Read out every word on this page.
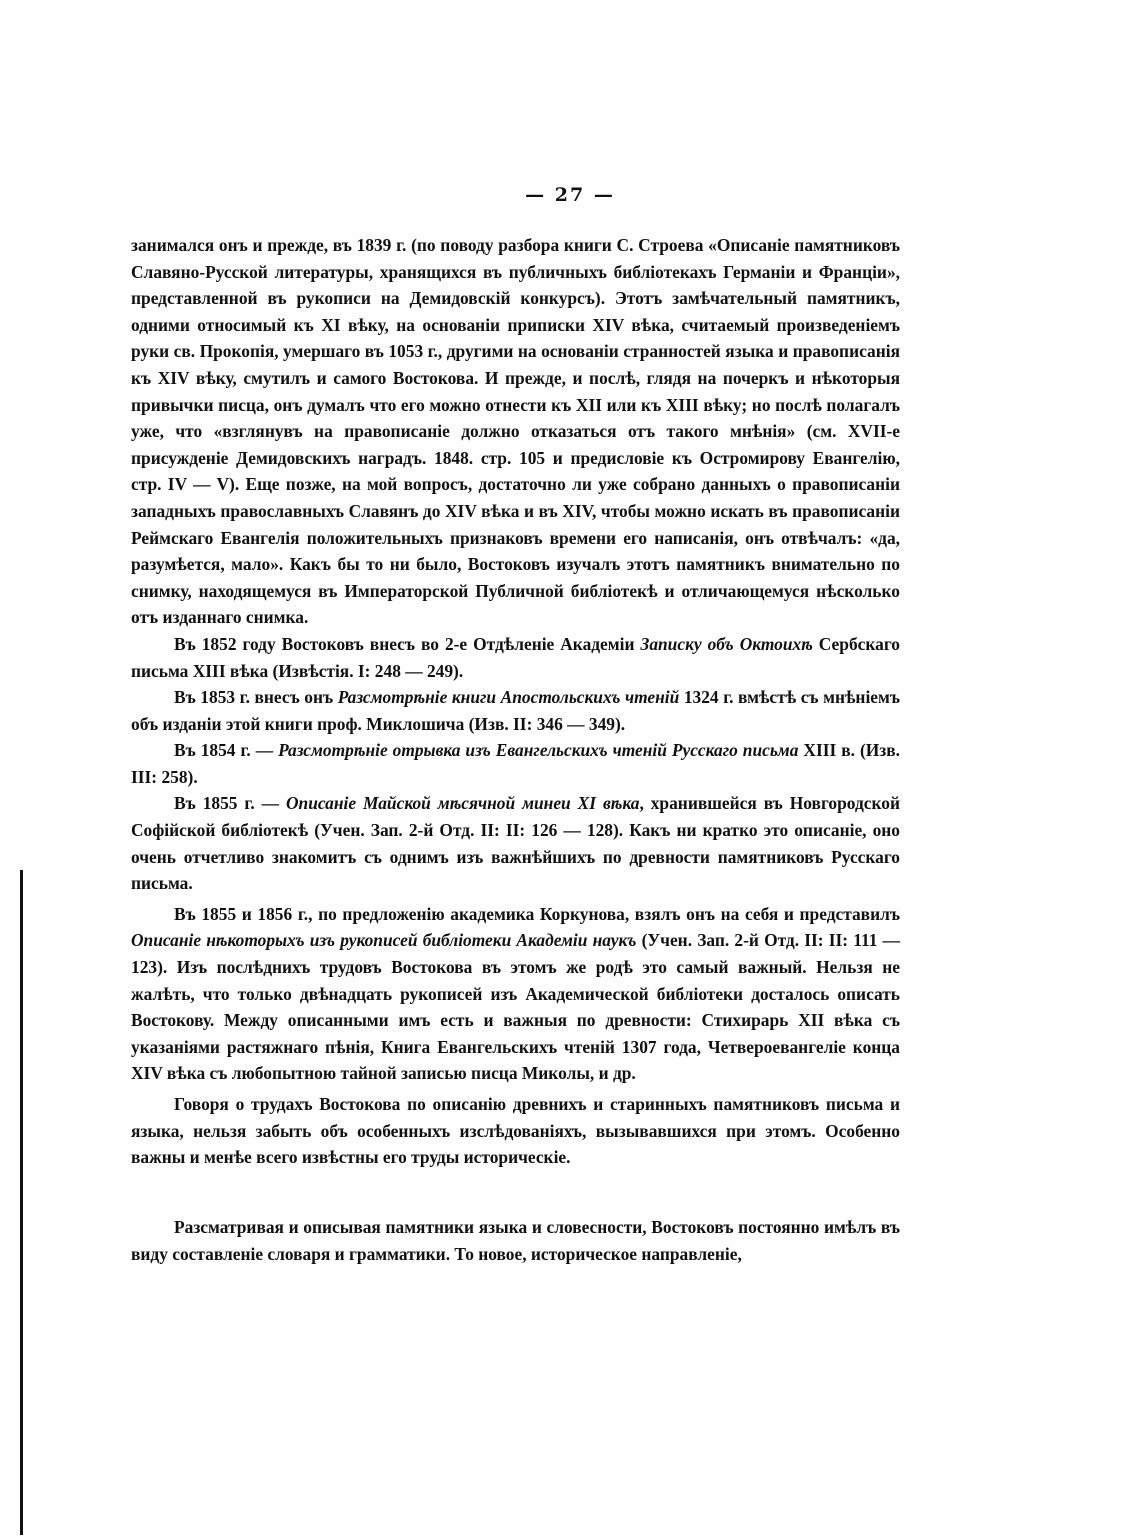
— 27 —

занимался онъ и прежде, въ 1839 г. (по поводу разбора книги С. Строева «Описаніе памятниковъ Славяно-Русской литературы, хранящихся въ публичныхъ библіотекахъ Германіи и Франціи», представленной въ рукописи на Демидовскій конкурсъ). Этотъ замѣчательный памятникъ, одними относимый къ XI вѣку, на основаніи приписки XIV вѣка, считаемый произведеніемъ руки св. Прокопія, умершаго въ 1053 г., другими на основаніи странностей языка и правописанія къ XIV вѣку, смутилъ и самого Востокова. И прежде, и послѣ, глядя на почеркъ и нѣкоторыя привычки писца, онъ думалъ что его можно отнести къ XII или къ XIII вѣку; но послѣ полагалъ уже, что «взглянувъ на правописаніе должно отказаться отъ такого мнѣнія» (см. XVII-е присужденіе Демидовскихъ наградъ. 1848. стр. 105 и предисловіе къ Остромирову Евангелію, стр. IV — V). Еще позже, на мой вопросъ, достаточно ли уже собрано данныхъ о правописаніи западныхъ православныхъ Славянъ до XIV вѣка и въ XIV, чтобы можно искать въ правописаніи Реймскаго Евангелія положительныхъ признаковъ времени его написанія, онъ отвѣчалъ: «да, разумѣется, мало». Какъ бы то ни было, Востоковъ изучалъ этотъ памятникъ внимательно по снимку, находящемуся въ Императорской Публичной библіотекѣ и отличающемуся нѣсколько отъ изданнаго снимка.

Въ 1852 году Востоковъ внесъ во 2-е Отдѣленіе Академіи Записку объ Октоихѣ Сербскаго письма XIII вѣка (Извѣстія. I: 248 — 249).

Въ 1853 г. внесъ онъ Разсмотрѣніе книги Апостольскихъ чтеній 1324 г. вмѣстѣ съ мнѣніемъ объ изданіи этой книги проф. Миклошича (Изв. II: 346 — 349).

Въ 1854 г. — Разсмотрѣніе отрывка изъ Евангельскихъ чтеній Русскаго письма XIII в. (Изв. III: 258).

Въ 1855 г. — Описаніе Майской мѣсячной минеи XI вѣка, хранившейся въ Новгородской Софійской библіотекѣ (Учен. Зап. 2-й Отд. II: II: 126 — 128). Какъ ни кратко это описаніе, оно очень отчетливо знакомитъ съ однимъ изъ важнѣйшихъ по древности памятниковъ Русскаго письма.

Въ 1855 и 1856 г., по предложенію академика Коркунова, взялъ онъ на себя и представилъ Описаніе нѣкоторыхъ изъ рукописей библіотеки Академіи наукъ (Учен. Зап. 2-й Отд. II: II: 111 — 123). Изъ послѣднихъ трудовъ Востокова въ этомъ же родѣ это самый важный. Нельзя не жалѣть, что только двѣнадцать рукописей изъ Академической библіотеки досталось описать Востокову. Между описанными имъ есть и важныя по древности: Стихирарь XII вѣка съ указаніями растяжнаго пѣнія, Книга Евангельскихъ чтеній 1307 года, Четвероевангеліе конца XIV вѣка съ любопытною тайной записью писца Миколы, и др.

Говоря о трудахъ Востокова по описанію древнихъ и старинныхъ памятниковъ письма и языка, нельзя забыть объ особенныхъ изслѣдованіяхъ, вызывавшихся при этомъ. Особенно важны и менѣе всего извѣстны его труды историческіе.

Разсматривая и описывая памятники языка и словесности, Востоковъ постоянно имѣлъ въ виду составленіе словаря и грамматики. То новое, историческое направленіе,
